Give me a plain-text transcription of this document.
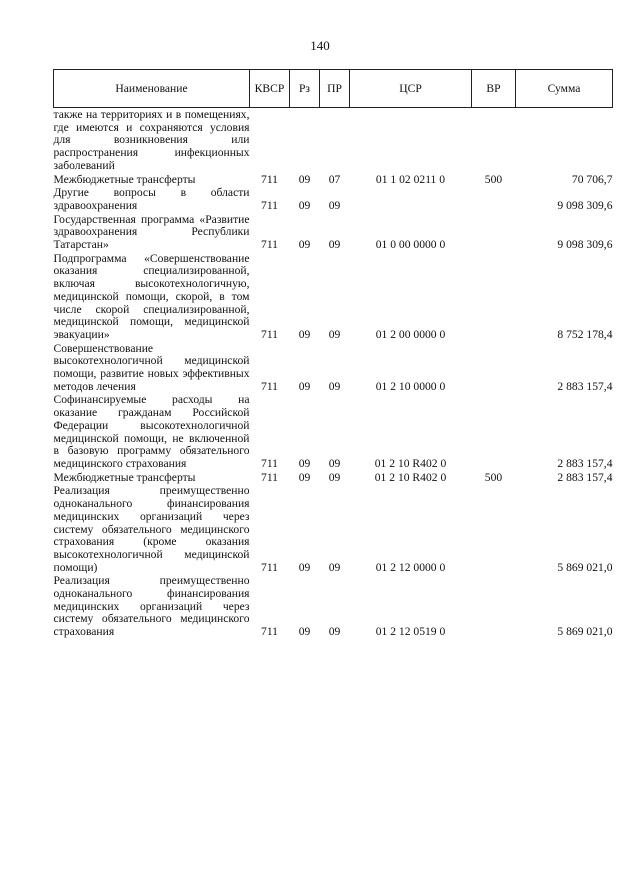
140
Наименование	КВСР	Рз	ПР	ЦСР	ВР	Сумма
также на территориях и в помещениях, где имеются и сохраняются условия для возникновения или распространения инфекционных заболеваний						
Межбюджетные трансферты	711	09	07	01 1 02 0211 0	500	70 706,7
Другие вопросы в области здравоохранения	711	09	09			9 098 309,6
Государственная программа «Развитие здравоохранения Республики Татарстан»	711	09	09	01 0 00 0000 0		9 098 309,6
Подпрограмма «Совершенствование оказания специализированной, включая высокотехнологичную, медицинской помощи, скорой, в том числе скорой специализированной, медицинской помощи, медицинской эвакуации»	711	09	09	01 2 00 0000 0		8 752 178,4
Совершенствование высокотехнологичной медицинской помощи, развитие новых эффективных методов лечения	711	09	09	01 2 10 0000 0		2 883 157,4
Софинансируемые расходы на оказание гражданам Российской Федерации высокотехнологичной медицинской помощи, не включенной в базовую программу обязательного медицинского страхования	711	09	09	01 2 10 R402 0		2 883 157,4
Межбюджетные трансферты	711	09	09	01 2 10 R402 0	500	2 883 157,4
Реализация преимущественно одноканального финансирования медицинских организаций через систему обязательного медицинского страхования (кроме оказания высокотехнологичной медицинской помощи)	711	09	09	01 2 12 0000 0		5 869 021,0
Реализация преимущественно одноканального финансирования медицинских организаций через систему обязательного медицинского страхования	711	09	09	01 2 12 0519 0		5 869 021,0
